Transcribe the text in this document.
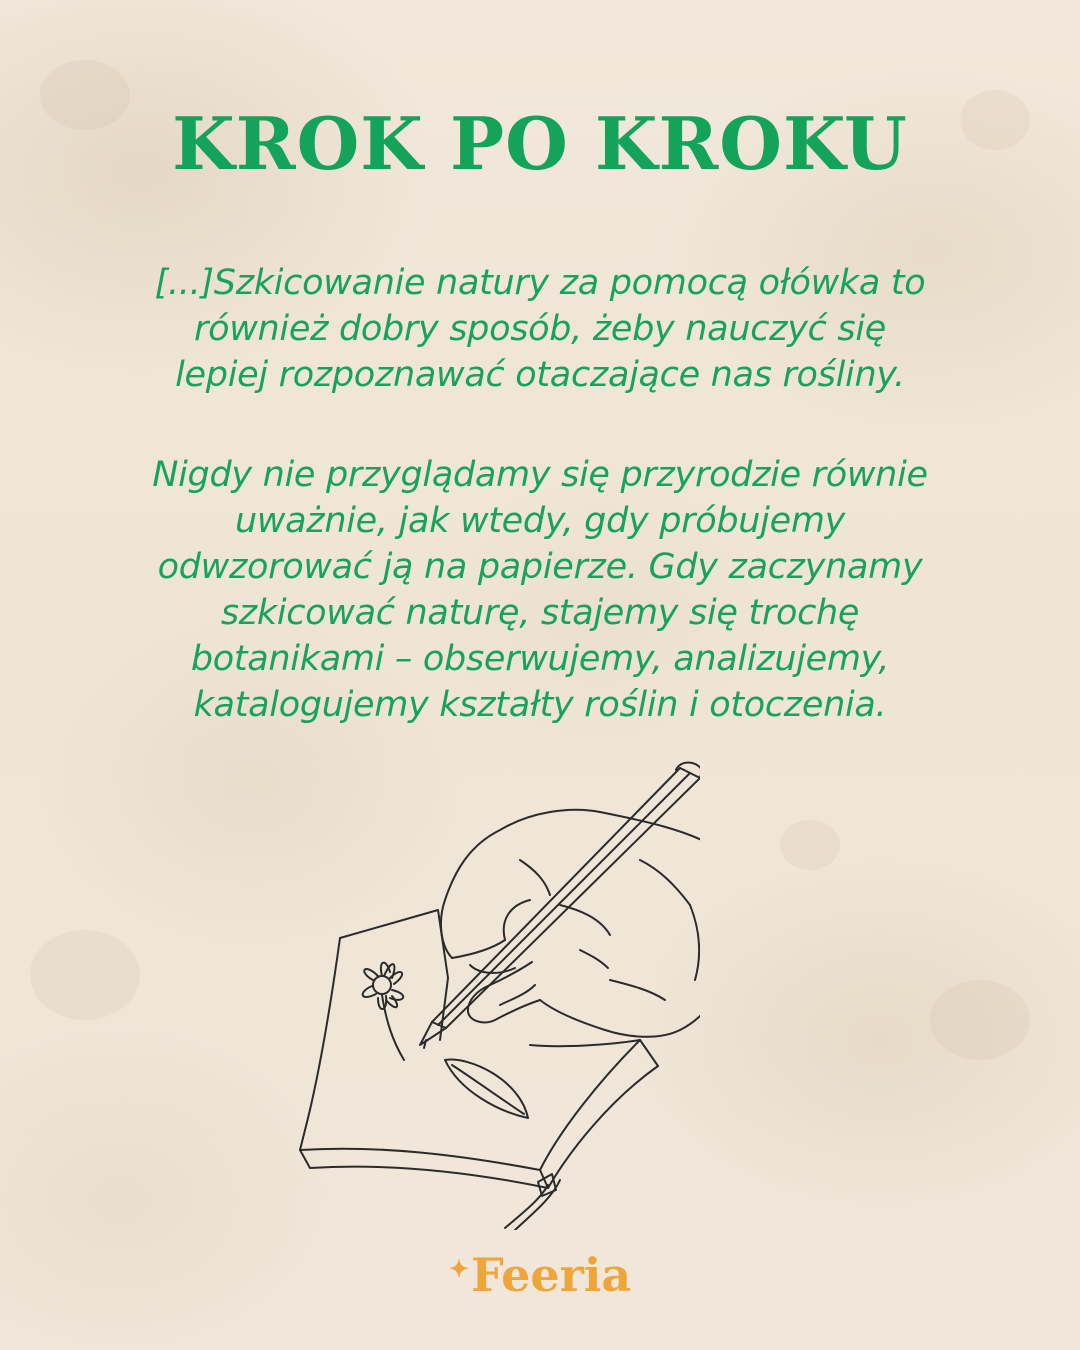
KROK PO KROKU

[...]Szkicowanie natury za pomocą ołówka to
również dobry sposób, żeby nauczyć się
lepiej rozpoznawać otaczające nas rośliny.

Nigdy nie przyglądamy się przyrodzie równie
uważnie, jak wtedy, gdy próbujemy
odwzorować ją na papierze. Gdy zaczynamy
szkicować naturę, stajemy się trochę
botanikami – obserwujemy, analizujemy,
katalogujemy kształty roślin i otoczenia.

✦Feeria
